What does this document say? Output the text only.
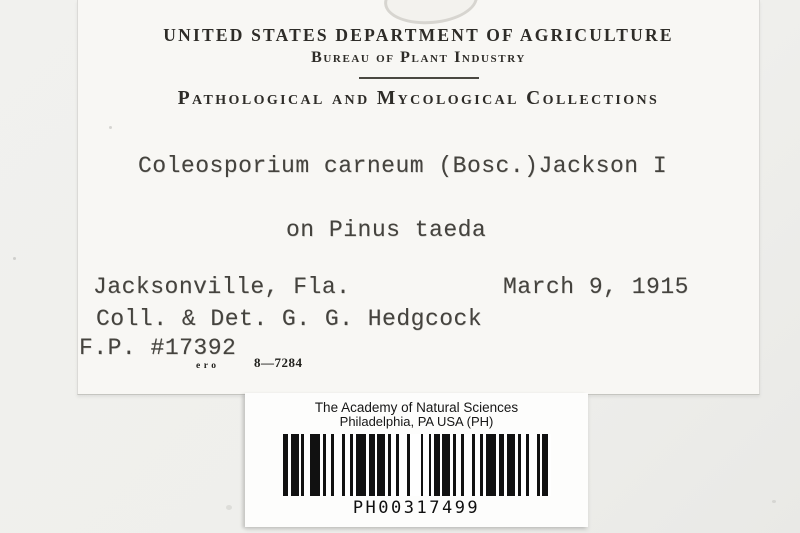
UNITED STATES DEPARTMENT OF AGRICULTURE

Bureau of Plant Industry

Pathological and Mycological Collections

Coleosporium carneum (Bosc.)Jackson I
on Pinus taeda
Jacksonville, Fla.	March 9, 1915
Coll. & Det. G. G. Hedgcock
F.P. #17392
ero	8—7284
The Academy of Natural Sciences
Philadelphia, PA USA (PH)
PH00317499
